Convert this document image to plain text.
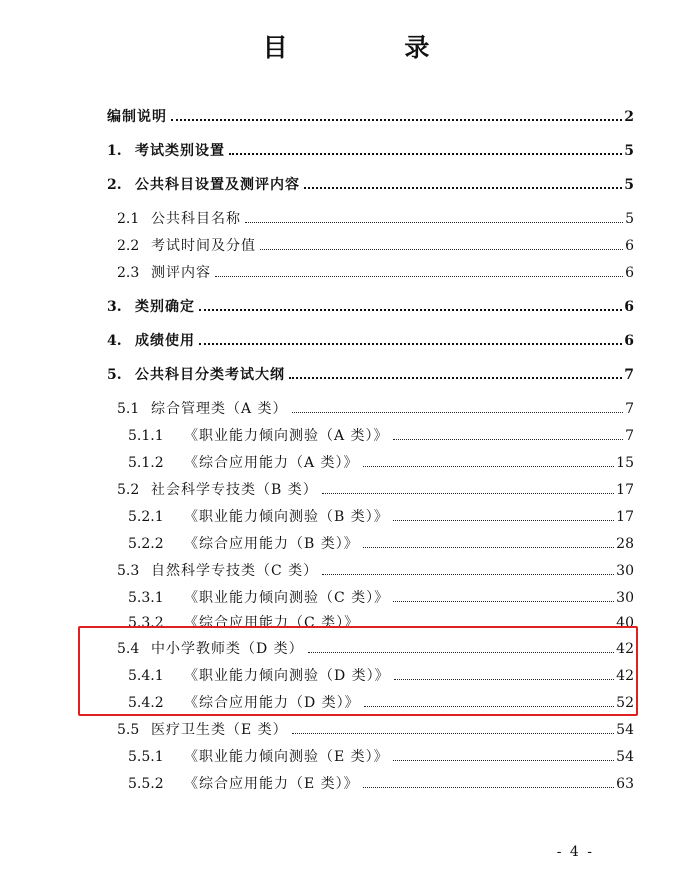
目 录
编制说明	2
1. 考试类别设置	5
2. 公共科目设置及测评内容	5
2.1 公共科目名称	5
2.2 考试时间及分值	6
2.3 测评内容	6
3. 类别确定	6
4. 成绩使用	6
5. 公共科目分类考试大纲	7
5.1 综合管理类（A 类）	7
5.1.1	《职业能力倾向测验（A 类）》	7
5.1.2	《综合应用能力（A 类）》	15
5.2 社会科学专技类（B 类）	17
5.2.1	《职业能力倾向测验（B 类）》	17
5.2.2	《综合应用能力（B 类）》	28
5.3 自然科学专技类（C 类）	30
5.3.1	《职业能力倾向测验（C 类）》	30
5.3.2	《综合应用能力（C 类）》	40
5.4 中小学教师类（D 类）	42
5.4.1	《职业能力倾向测验（D 类）》	42
5.4.2	《综合应用能力（D 类）》	52
5.5 医疗卫生类（E 类）	54
5.5.1	《职业能力倾向测验（E 类）》	54
5.5.2	《综合应用能力（E 类）》	63
- 4 -
